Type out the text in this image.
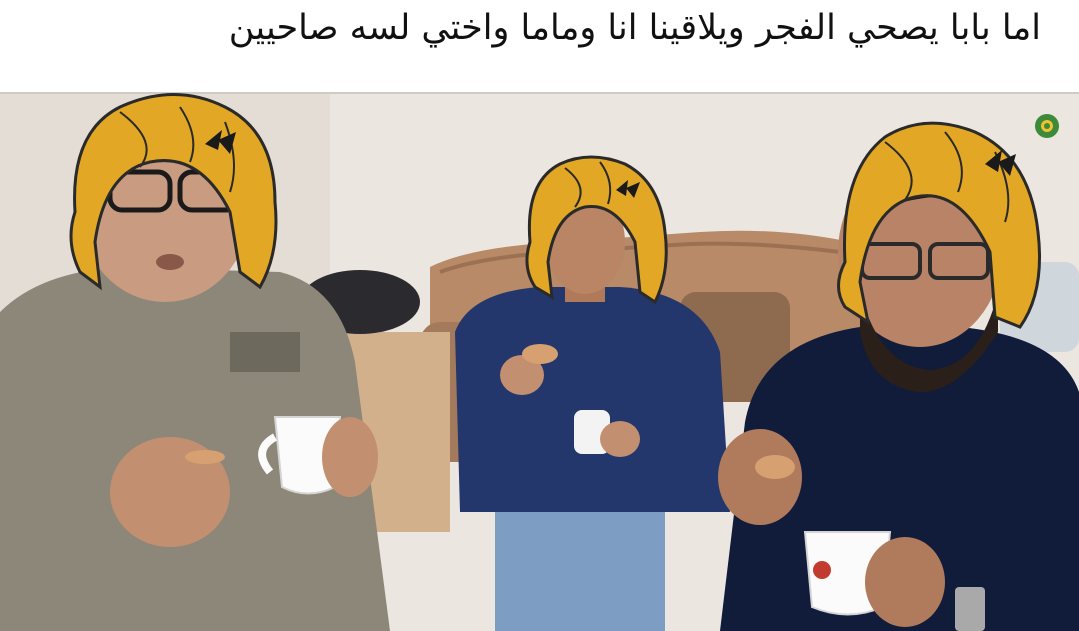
اما بابا يصحي الفجر ويلاقينا انا وماما واختي لسه صاحيين
